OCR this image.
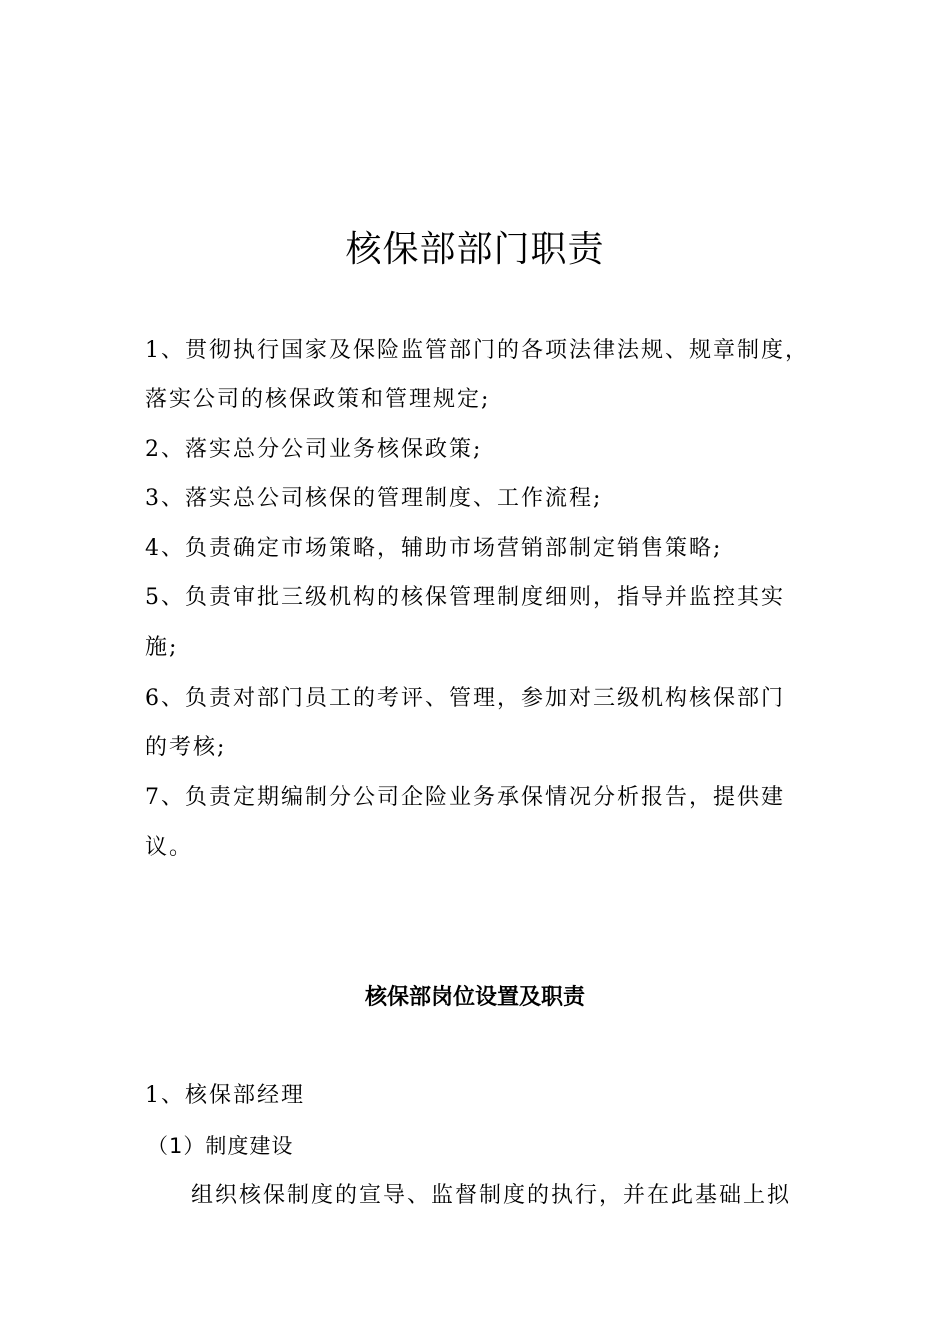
核保部部门职责
1、贯彻执行国家及保险监管部门的各项法律法规、规章制度，
落实公司的核保政策和管理规定;
2、落实总分公司业务核保政策;
3、落实总公司核保的管理制度、工作流程;
4、负责确定市场策略，辅助市场营销部制定销售策略;
5、负责审批三级机构的核保管理制度细则，指导并监控其实
施;
6、负责对部门员工的考评、管理，参加对三级机构核保部门
的考核;
7、负责定期编制分公司企险业务承保情况分析报告，提供建
议。
核保部岗位设置及职责
1、核保部经理
（1）制度建设
组织核保制度的宣导、监督制度的执行，并在此基础上拟
